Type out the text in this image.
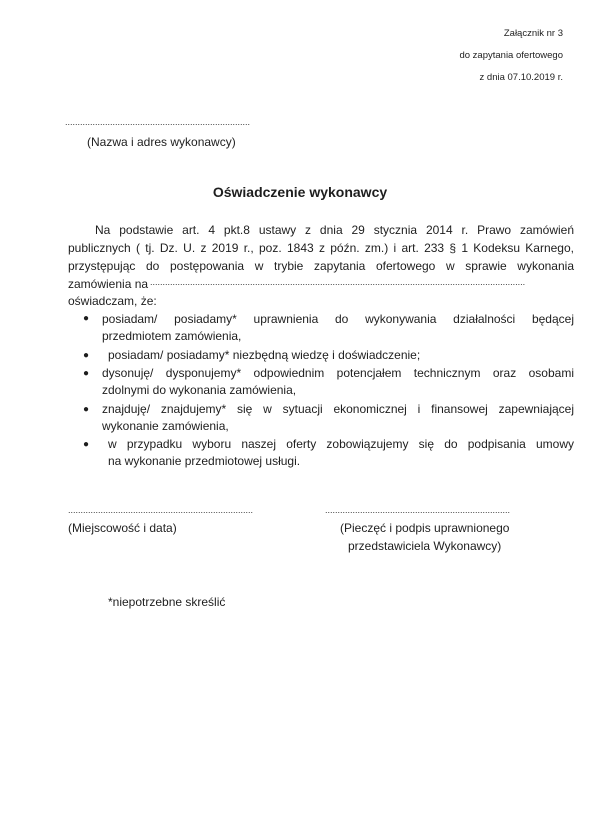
Załącznik nr 3
do zapytania ofertowego
z dnia 07.10.2019 r.
..........................................................................
(Nazwa i adres wykonawcy)
Oświadczenie wykonawcy
Na podstawie art. 4 pkt.8 ustawy z dnia 29 stycznia 2014 r. Prawo zamówień
publicznych ( tj. Dz. U. z 2019 r., poz. 1843 z późn. zm.) i art. 233 § 1 Kodeksu Karnego,
przystępując do postępowania w trybie zapytania ofertowego w sprawie wykonania
zamówienia na ......................................................................................................................................................
oświadczam, że:
● posiadam/ posiadamy* uprawnienia do wykonywania działalności będącej
przedmiotem zamówienia,
● posiadam/ posiadamy* niezbędną wiedzę i doświadczenie;
● dysonuję/ dysponujemy* odpowiednim potencjałem technicznym oraz osobami
zdolnymi do wykonania zamówienia,
● znajduję/ znajdujemy* się w sytuacji ekonomicznej i finansowej zapewniającej
wykonanie zamówienia,
● w przypadku wyboru naszej oferty zobowiązujemy się do podpisania umowy
na wykonanie przedmiotowej usługi.
..........................................................................
(Miejscowość i data)
..........................................................................
(Pieczęć i podpis uprawnionego
przedstawiciela Wykonawcy)
*niepotrzebne skreślić
